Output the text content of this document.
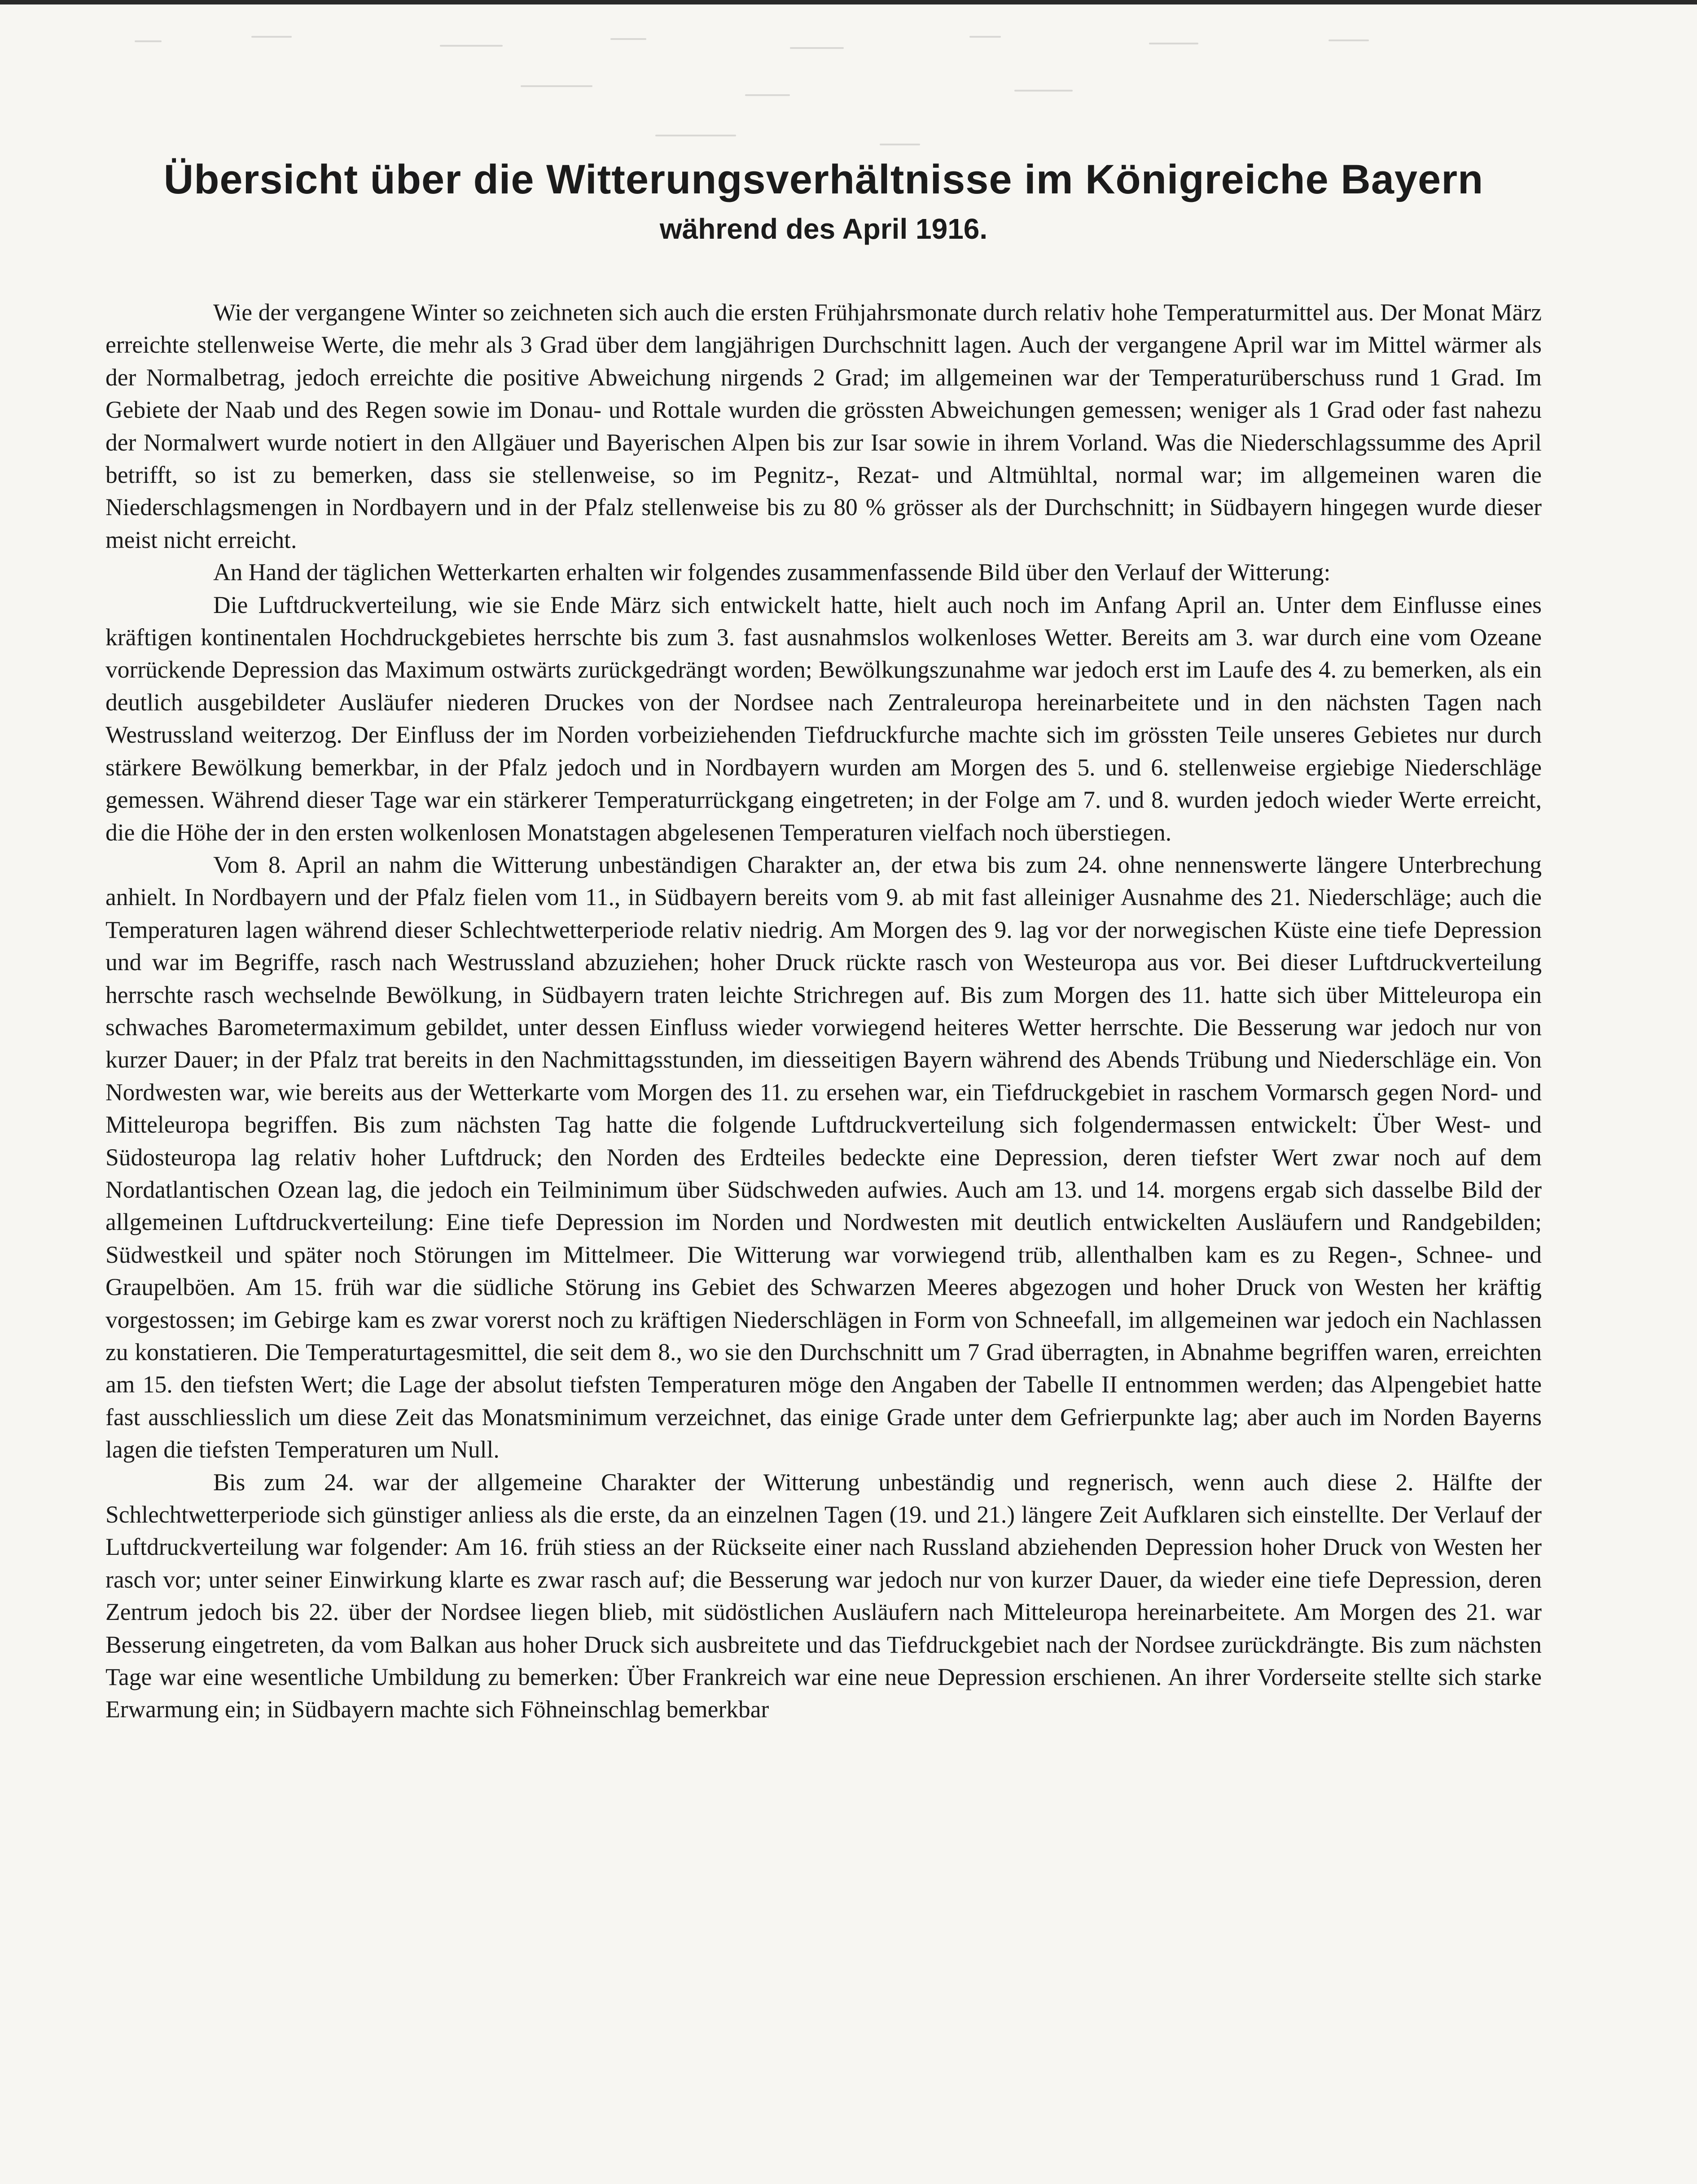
Übersicht über die Witterungsverhältnisse im Königreiche Bayern
während des April 1916.

Wie der vergangene Winter so zeichneten sich auch die ersten Frühjahrsmonate durch relativ hohe Temperaturmittel aus. Der Monat März erreichte stellenweise Werte, die mehr als 3 Grad über dem langjährigen Durchschnitt lagen. Auch der vergangene April war im Mittel wärmer als der Normalbetrag, jedoch erreichte die positive Abweichung nirgends 2 Grad; im allgemeinen war der Temperaturüberschuss rund 1 Grad. Im Gebiete der Naab und des Regen sowie im Donau- und Rottale wurden die grössten Abweichungen gemessen; weniger als 1 Grad oder fast nahezu der Normalwert wurde notiert in den Allgäuer und Bayerischen Alpen bis zur Isar sowie in ihrem Vorland. Was die Niederschlagssumme des April betrifft, so ist zu bemerken, dass sie stellenweise, so im Pegnitz-, Rezat- und Altmühltal, normal war; im allgemeinen waren die Niederschlagsmengen in Nordbayern und in der Pfalz stellenweise bis zu 80 % grösser als der Durchschnitt; in Südbayern hingegen wurde dieser meist nicht erreicht.

An Hand der täglichen Wetterkarten erhalten wir folgendes zusammenfassende Bild über den Verlauf der Witterung:

Die Luftdruckverteilung, wie sie Ende März sich entwickelt hatte, hielt auch noch im Anfang April an. Unter dem Einflusse eines kräftigen kontinentalen Hochdruckgebietes herrschte bis zum 3. fast ausnahmslos wolkenloses Wetter. Bereits am 3. war durch eine vom Ozeane vorrückende Depression das Maximum ostwärts zurückgedrängt worden; Bewölkungszunahme war jedoch erst im Laufe des 4. zu bemerken, als ein deutlich ausgebildeter Ausläufer niederen Druckes von der Nordsee nach Zentraleuropa hereinarbeitete und in den nächsten Tagen nach Westrussland weiterzog. Der Einfluss der im Norden vorbeiziehenden Tiefdruckfurche machte sich im grössten Teile unseres Gebietes nur durch stärkere Bewölkung bemerkbar, in der Pfalz jedoch und in Nordbayern wurden am Morgen des 5. und 6. stellenweise ergiebige Niederschläge gemessen. Während dieser Tage war ein stärkerer Temperaturrückgang eingetreten; in der Folge am 7. und 8. wurden jedoch wieder Werte erreicht, die die Höhe der in den ersten wolkenlosen Monatstagen abgelesenen Temperaturen vielfach noch überstiegen.

Vom 8. April an nahm die Witterung unbeständigen Charakter an, der etwa bis zum 24. ohne nennenswerte längere Unterbrechung anhielt. In Nordbayern und der Pfalz fielen vom 11., in Südbayern bereits vom 9. ab mit fast alleiniger Ausnahme des 21. Niederschläge; auch die Temperaturen lagen während dieser Schlechtwetterperiode relativ niedrig. Am Morgen des 9. lag vor der norwegischen Küste eine tiefe Depression und war im Begriffe, rasch nach Westrussland abzuziehen; hoher Druck rückte rasch von Westeuropa aus vor. Bei dieser Luftdruckverteilung herrschte rasch wechselnde Bewölkung, in Südbayern traten leichte Strichregen auf. Bis zum Morgen des 11. hatte sich über Mitteleuropa ein schwaches Barometermaximum gebildet, unter dessen Einfluss wieder vorwiegend heiteres Wetter herrschte. Die Besserung war jedoch nur von kurzer Dauer; in der Pfalz trat bereits in den Nachmittagsstunden, im diesseitigen Bayern während des Abends Trübung und Niederschläge ein. Von Nordwesten war, wie bereits aus der Wetterkarte vom Morgen des 11. zu ersehen war, ein Tiefdruckgebiet in raschem Vormarsch gegen Nord- und Mitteleuropa begriffen. Bis zum nächsten Tag hatte die folgende Luftdruckverteilung sich folgendermassen entwickelt: Über West- und Südosteuropa lag relativ hoher Luftdruck; den Norden des Erdteiles bedeckte eine Depression, deren tiefster Wert zwar noch auf dem Nordatlantischen Ozean lag, die jedoch ein Teilminimum über Südschweden aufwies. Auch am 13. und 14. morgens ergab sich dasselbe Bild der allgemeinen Luftdruckverteilung: Eine tiefe Depression im Norden und Nordwesten mit deutlich entwickelten Ausläufern und Randgebilden; Südwestkeil und später noch Störungen im Mittelmeer. Die Witterung war vorwiegend trüb, allenthalben kam es zu Regen-, Schnee- und Graupelböen. Am 15. früh war die südliche Störung ins Gebiet des Schwarzen Meeres abgezogen und hoher Druck von Westen her kräftig vorgestossen; im Gebirge kam es zwar vorerst noch zu kräftigen Niederschlägen in Form von Schneefall, im allgemeinen war jedoch ein Nachlassen zu konstatieren. Die Temperaturtagesmittel, die seit dem 8., wo sie den Durchschnitt um 7 Grad überragten, in Abnahme begriffen waren, erreichten am 15. den tiefsten Wert; die Lage der absolut tiefsten Temperaturen möge den Angaben der Tabelle II entnommen werden; das Alpengebiet hatte fast ausschliesslich um diese Zeit das Monatsminimum verzeichnet, das einige Grade unter dem Gefrierpunkte lag; aber auch im Norden Bayerns lagen die tiefsten Temperaturen um Null.

Bis zum 24. war der allgemeine Charakter der Witterung unbeständig und regnerisch, wenn auch diese 2. Hälfte der Schlechtwetterperiode sich günstiger anliess als die erste, da an einzelnen Tagen (19. und 21.) längere Zeit Aufklaren sich einstellte. Der Verlauf der Luftdruckverteilung war folgender: Am 16. früh stiess an der Rückseite einer nach Russland abziehenden Depression hoher Druck von Westen her rasch vor; unter seiner Einwirkung klarte es zwar rasch auf; die Besserung war jedoch nur von kurzer Dauer, da wieder eine tiefe Depression, deren Zentrum jedoch bis 22. über der Nordsee liegen blieb, mit südöstlichen Ausläufern nach Mitteleuropa hereinarbeitete. Am Morgen des 21. war Besserung eingetreten, da vom Balkan aus hoher Druck sich ausbreitete und das Tiefdruckgebiet nach der Nordsee zurückdrängte. Bis zum nächsten Tage war eine wesentliche Umbildung zu bemerken: Über Frankreich war eine neue Depression erschienen. An ihrer Vorderseite stellte sich starke Erwarmung ein; in Südbayern machte sich Föhneinschlag bemerkbar
